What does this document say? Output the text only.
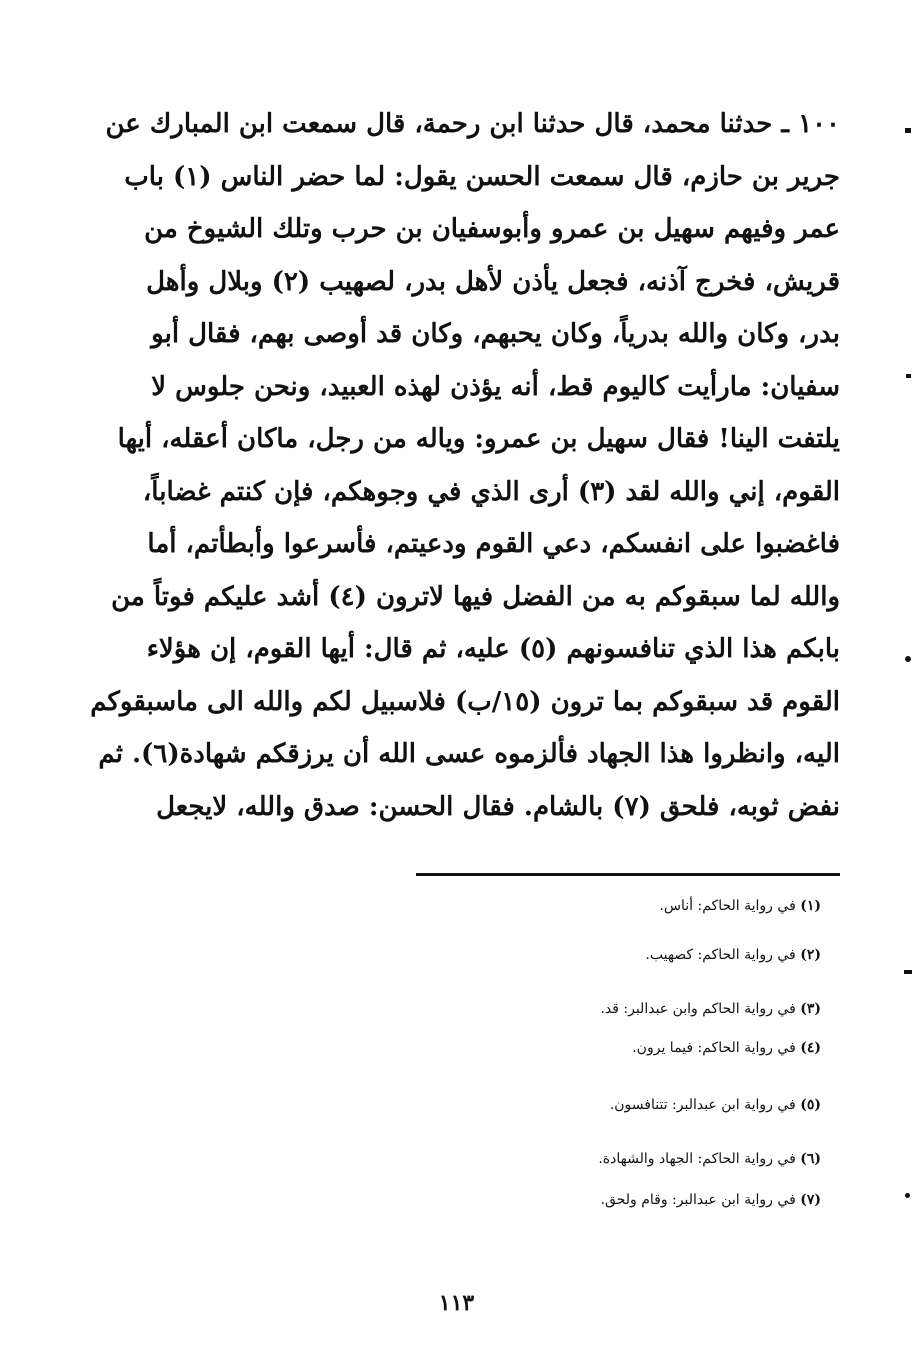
١٠٠ ـ حدثنا محمد، قال حدثنا ابن رحمة، قال سمعت ابن المبارك عن
جرير بن حازم، قال سمعت الحسن يقول: لما حضر الناس (١) باب
عمر وفيهم سهيل بن عمرو وأبوسفيان بن حرب وتلك الشيوخ من
قريش، فخرج آذنه، فجعل يأذن لأهل بدر، لصهيب (٢) وبلال وأهل
بدر، وكان والله بدرياً، وكان يحبهم، وكان قد أوصى بهم، فقال أبو
سفيان: مارأيت كاليوم قط، أنه يؤذن لهذه العبيد، ونحن جلوس لا
يلتفت الينا! فقال سهيل بن عمرو: وياله من رجل، ماكان أعقله، أيها
القوم، إني والله لقد (٣) أرى الذي في وجوهكم، فإن كنتم غضاباً،
فاغضبوا على انفسكم، دعي القوم ودعيتم، فأسرعوا وأبطأتم، أما
والله لما سبقوكم به من الفضل فيها لاترون (٤) أشد عليكم فوتاً من
بابكم هذا الذي تنافسونهم (٥) عليه، ثم قال: أيها القوم، إن هؤلاء
القوم قد سبقوكم بما ترون (١٥/ب) فلاسبيل لكم والله الى ماسبقوكم
اليه، وانظروا هذا الجهاد فألزموه عسى الله أن يرزقكم شهادة(٦). ثم
نفض ثوبه، فلحق (٧) بالشام. فقال الحسن: صدق والله، لايجعل
(١) في رواية الحاكم: أناس.
(٢) في رواية الحاكم: كصهيب.
(٣) في رواية الحاكم وابن عبدالبر: قد.
(٤) في رواية الحاكم: فيما يرون.
(٥) في رواية ابن عبدالبر: تتنافسون.
(٦) في رواية الحاكم: الجهاد والشهادة.
(٧) في رواية ابن عبدالبر: وقام ولحق.
١١٣
